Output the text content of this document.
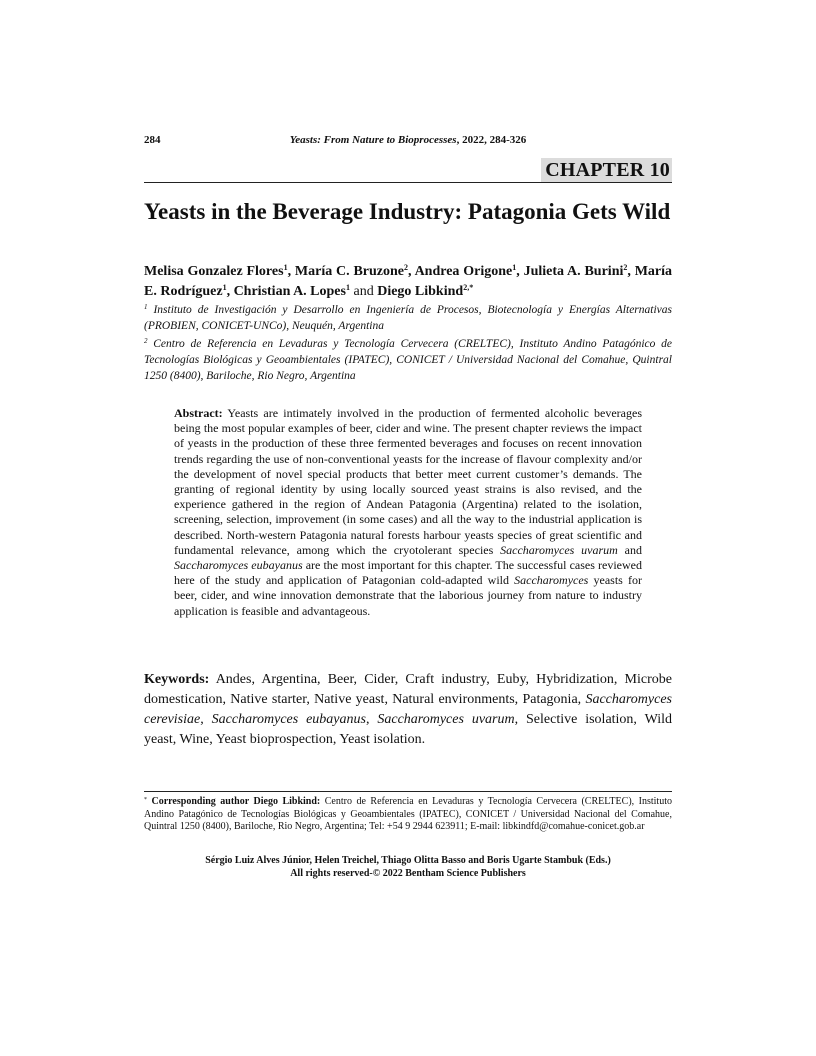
284	Yeasts: From Nature to Bioprocesses, 2022, 284-326
CHAPTER 10
Yeasts in the Beverage Industry: Patagonia Gets Wild
Melisa Gonzalez Flores$^1$, María C. Bruzone$^2$, Andrea Origone$^1$, Julieta A. Burini$^2$, María E. Rodríguez$^1$, Christian A. Lopes$^1$ and Diego Libkind$^{2,*}$
$^1$ Instituto de Investigación y Desarrollo en Ingeniería de Procesos, Biotecnología y Energías Alternativas (PROBIEN, CONICET-UNCo), Neuquén, Argentina
$^2$ Centro de Referencia en Levaduras y Tecnología Cervecera (CRELTEC), Instituto Andino Patagónico de Tecnologías Biológicas y Geoambientales (IPATEC), CONICET / Universidad Nacional del Comahue, Quintral 1250 (8400), Bariloche, Rio Negro, Argentina
Abstract: Yeasts are intimately involved in the production of fermented alcoholic beverages being the most popular examples of beer, cider and wine. The present chapter reviews the impact of yeasts in the production of these three fermented beverages and focuses on recent innovation trends regarding the use of non-conventional yeasts for the increase of flavour complexity and/or the development of novel special products that better meet current customer’s demands. The granting of regional identity by using locally sourced yeast strains is also revised, and the experience gathered in the region of Andean Patagonia (Argentina) related to the isolation, screening, selection, improvement (in some cases) and all the way to the industrial application is described. North-western Patagonia natural forests harbour yeasts species of great scientific and fundamental relevance, among which the cryotolerant species Saccharomyces uvarum and Saccharomyces eubayanus are the most important for this chapter. The successful cases reviewed here of the study and application of Patagonian cold-adapted wild Saccharomyces yeasts for beer, cider, and wine innovation demonstrate that the laborious journey from nature to industry application is feasible and advantageous.
Keywords: Andes, Argentina, Beer, Cider, Craft industry, Euby, Hybridization, Microbe domestication, Native starter, Native yeast, Natural environments, Patagonia, Saccharomyces cerevisiae, Saccharomyces eubayanus, Saccharomyces uvarum, Selective isolation, Wild yeast, Wine, Yeast bioprospection, Yeast isolation.
* Corresponding author Diego Libkind: Centro de Referencia en Levaduras y Tecnología Cervecera (CRELTEC), Instituto Andino Patagónico de Tecnologías Biológicas y Geoambientales (IPATEC), CONICET / Universidad Nacional del Comahue, Quintral 1250 (8400), Bariloche, Rio Negro, Argentina; Tel: +54 9 2944 623911; E-mail: libkindfd@comahue-conicet.gob.ar
Sérgio Luiz Alves Júnior, Helen Treichel, Thiago Olitta Basso and Boris Ugarte Stambuk (Eds.)
All rights reserved-© 2022 Bentham Science Publishers
